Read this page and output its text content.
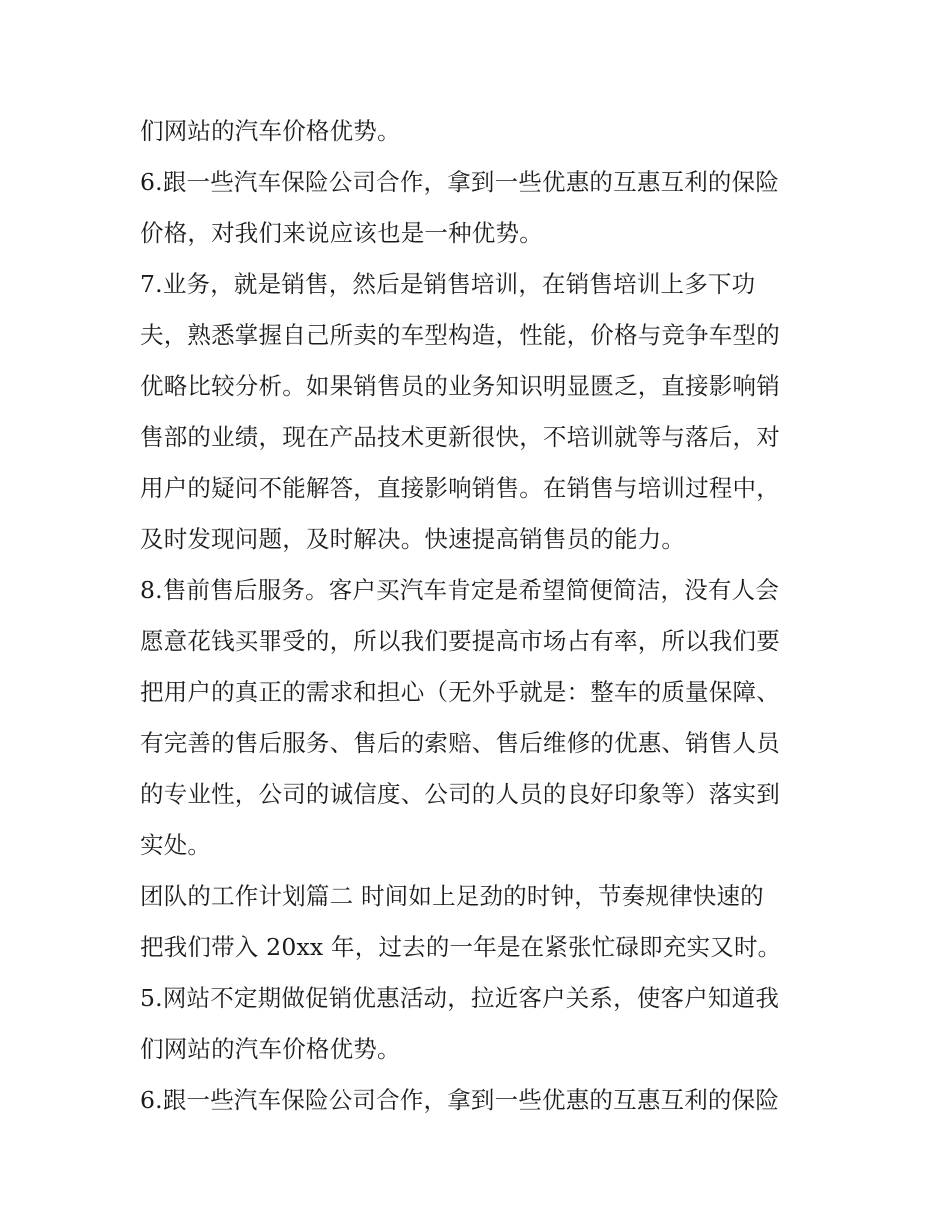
们网站的汽车价格优势。
6.跟一些汽车保险公司合作，拿到一些优惠的互惠互利的保险
价格，对我们来说应该也是一种优势。
7.业务，就是销售，然后是销售培训，在销售培训上多下功
夫，熟悉掌握自己所卖的车型构造，性能，价格与竞争车型的
优略比较分析。如果销售员的业务知识明显匮乏，直接影响销
售部的业绩，现在产品技术更新很快，不培训就等与落后，对
用户的疑问不能解答，直接影响销售。在销售与培训过程中，
及时发现问题，及时解决。快速提高销售员的能力。
8.售前售后服务。客户买汽车肯定是希望简便简洁，没有人会
愿意花钱买罪受的，所以我们要提高市场占有率，所以我们要
把用户的真正的需求和担心（无外乎就是：整车的质量保障、
有完善的售后服务、售后的索赔、售后维修的优惠、销售人员
的专业性，公司的诚信度、公司的人员的良好印象等）落实到
实处。
团队的工作计划篇二 时间如上足劲的时钟，节奏规律快速的
把我们带入 20xx 年，过去的一年是在紧张忙碌即充实又时。
5.网站不定期做促销优惠活动，拉近客户关系，使客户知道我
们网站的汽车价格优势。
6.跟一些汽车保险公司合作，拿到一些优惠的互惠互利的保险
